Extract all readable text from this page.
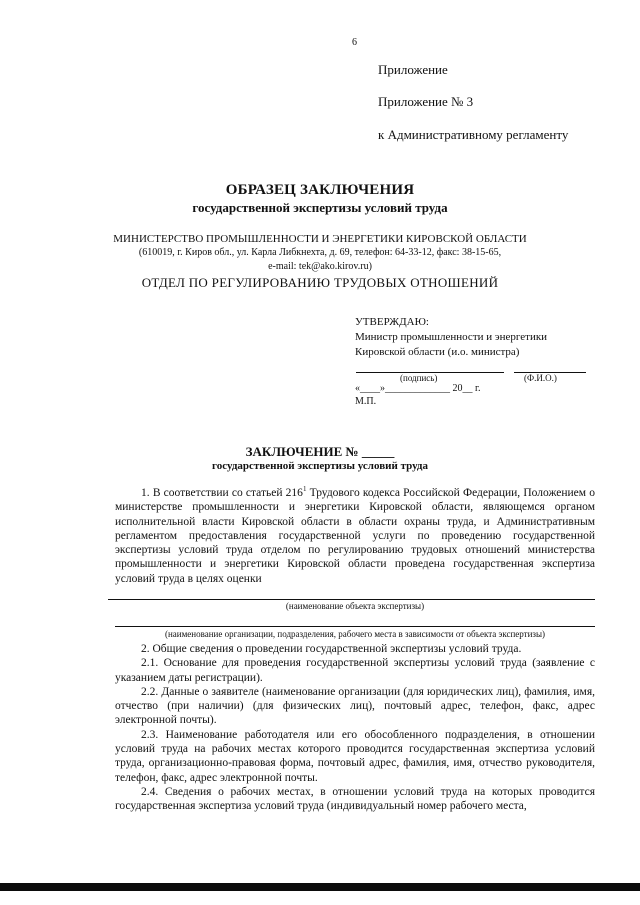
6
Приложение
Приложение № 3
к Административному регламенту
ОБРАЗЕЦ ЗАКЛЮЧЕНИЯ
государственной экспертизы условий труда
МИНИСТЕРСТВО ПРОМЫШЛЕННОСТИ И ЭНЕРГЕТИКИ КИРОВСКОЙ ОБЛАСТИ
(610019, г. Киров обл., ул. Карла Либкнехта, д. 69, телефон: 64-33-12, факс: 38-15-65,
e-mail: tek@ako.kirov.ru)
ОТДЕЛ ПО РЕГУЛИРОВАНИЮ ТРУДОВЫХ ОТНОШЕНИЙ
УТВЕРЖДАЮ:
Министр промышленности и энергетики
Кировской области (и.о. министра)
(подпись)	(Ф.И.О.)
«____»_____________ 20__ г.
М.П.
ЗАКЛЮЧЕНИЕ № _____
государственной экспертизы условий труда

1. В соответствии со статьей $216^1$ Трудового кодекса Российской Федерации, Положением о министерстве промышленности и энергетики Кировской области, являющемся органом исполнительной власти Кировской области в области охраны труда, и Административным регламентом предоставления государственной услуги по проведению государственной экспертизы условий труда отделом по регулированию трудовых отношений министерства промышленности и энергетики Кировской области проведена государственная экспертиза условий труда в целях оценки

(наименование объекта экспертизы)
(наименование организации, подразделения, рабочего места в зависимости от объекта экспертизы)

2. Общие сведения о проведении государственной экспертизы условий труда.

2.1. Основание для проведения государственной экспертизы условий труда (заявление с указанием даты регистрации).

2.2. Данные о заявителе (наименование организации (для юридических лиц), фамилия, имя, отчество (при наличии) (для физических лиц), почтовый адрес, телефон, факс, адрес электронной почты).

2.3. Наименование работодателя или его обособленного подразделения, в отношении условий труда на рабочих местах которого проводится государственная экспертиза условий труда, организационно-правовая форма, почтовый адрес, фамилия, имя, отчество руководителя, телефон, факс, адрес электронной почты.

2.4. Сведения о рабочих местах, в отношении условий труда на которых проводится государственная экспертиза условий труда (индивидуальный номер рабочего места,
